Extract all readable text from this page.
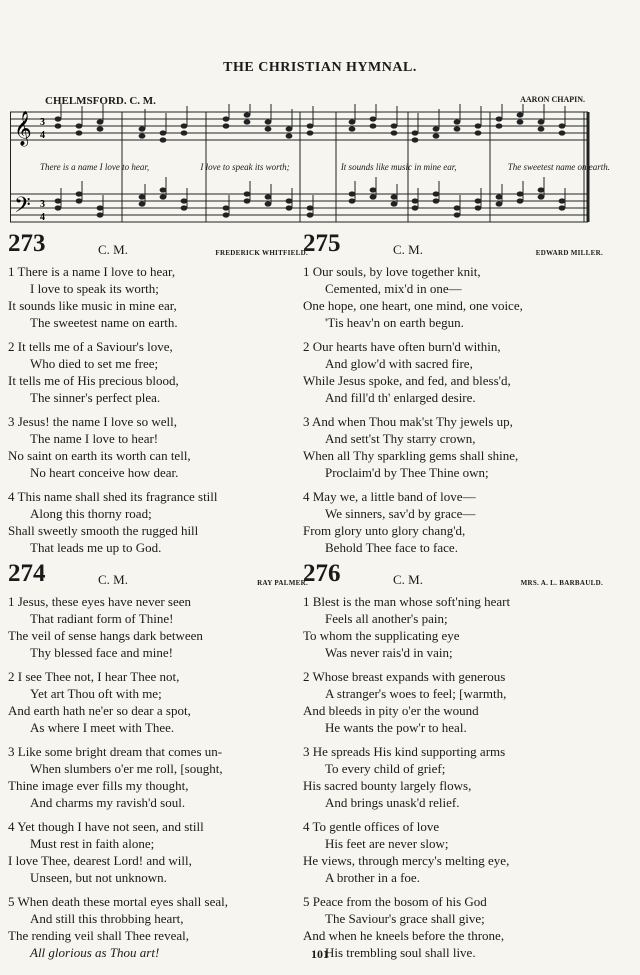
THE CHRISTIAN HYMNAL.
CHELMSFORD. C. M.	AARON CHAPIN.
𝄞
𝄢
3
4
3
4
There is a name I love to hear,	I love to speak its worth;	It sounds like music in mine ear,	The sweetest name on earth.
273	C. M.	FREDERICK WHITFIELD.
1 There is a name I love to hear,
I love to speak its worth;
It sounds like music in mine ear,
The sweetest name on earth.
2 It tells me of a Saviour's love,
Who died to set me free;
It tells me of His precious blood,
The sinner's perfect plea.
3 Jesus! the name I love so well,
The name I love to hear!
No saint on earth its worth can tell,
No heart conceive how dear.
4 This name shall shed its fragrance still
Along this thorny road;
Shall sweetly smooth the rugged hill
That leads me up to God.
275	C. M.	EDWARD MILLER.
1 Our souls, by love together knit,
Cemented, mix'd in one—
One hope, one heart, one mind, one voice,
'Tis heav'n on earth begun.
2 Our hearts have often burn'd within,
And glow'd with sacred fire,
While Jesus spoke, and fed, and bless'd,
And fill'd th' enlarged desire.
3 And when Thou mak'st Thy jewels up,
And sett'st Thy starry crown,
When all Thy sparkling gems shall shine,
Proclaim'd by Thee Thine own;
4 May we, a little band of love—
We sinners, sav'd by grace—
From glory unto glory chang'd,
Behold Thee face to face.
274	C. M.	RAY PALMER.
1 Jesus, these eyes have never seen
That radiant form of Thine!
The veil of sense hangs dark between
Thy blessed face and mine!
2 I see Thee not, I hear Thee not,
Yet art Thou oft with me;
And earth hath ne'er so dear a spot,
As where I meet with Thee.
3 Like some bright dream that comes un-
When slumbers o'er me roll, [sought,
Thine image ever fills my thought,
And charms my ravish'd soul.
4 Yet though I have not seen, and still
Must rest in faith alone;
I love Thee, dearest Lord! and will,
Unseen, but not unknown.
5 When death these mortal eyes shall seal,
And still this throbbing heart,
The rending veil shall Thee reveal,
All glorious as Thou art!
276	C. M.	MRS. A. L. BARBAULD.
1 Blest is the man whose soft'ning heart
Feels all another's pain;
To whom the supplicating eye
Was never rais'd in vain;
2 Whose breast expands with generous
A stranger's woes to feel; [warmth,
And bleeds in pity o'er the wound
He wants the pow'r to heal.
3 He spreads His kind supporting arms
To every child of grief;
His sacred bounty largely flows,
And brings unask'd relief.
4 To gentle offices of love
His feet are never slow;
He views, through mercy's melting eye,
A brother in a foe.
5 Peace from the bosom of his God
The Saviour's grace shall give;
And when he kneels before the throne,
His trembling soul shall live.
101
